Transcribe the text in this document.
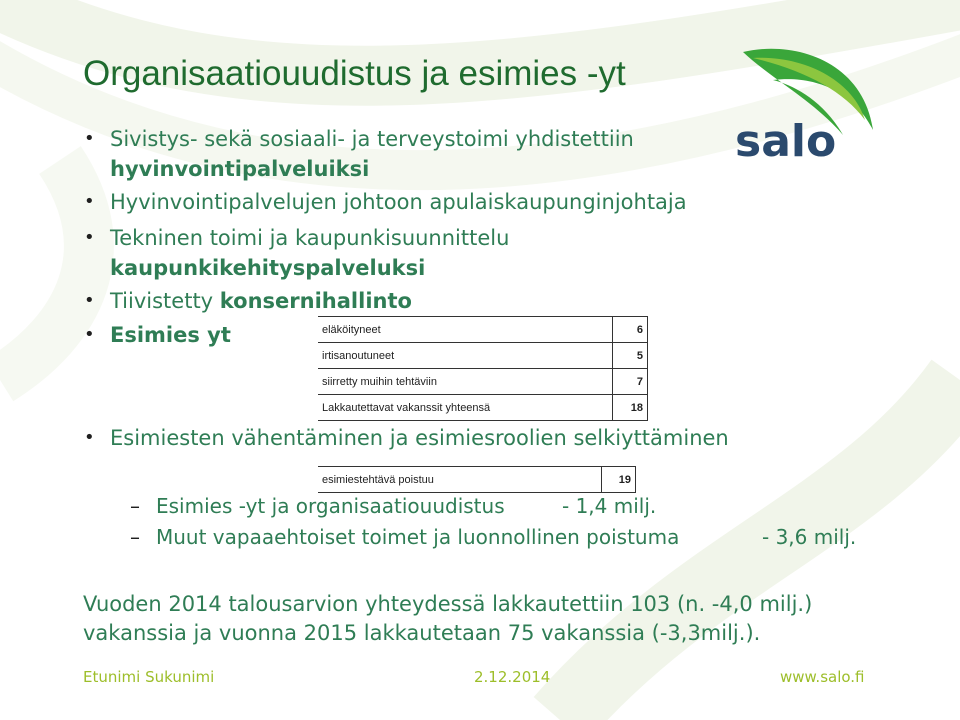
Organisaatiouudistus ja esimies -yt
salo
• Sivistys- sekä sosiaali- ja terveystoimi yhdistettiin
hyvinvointipalveluiksi
• Hyvinvointipalvelujen johtoon apulaiskaupunginjohtaja
• Tekninen toimi ja kaupunkisuunnittelu
kaupunkikehityspalveluksi
• Tiivistetty konsernihallinto
• Esimies yt	eläköityneet	6
irtisanoutuneet	5
siirretty muihin tehtäviin	7
Lakkautettavat vakanssit yhteensä	18
• Esimiesten vähentäminen ja esimiesroolien selkiyttäminen
esimiestehtävä poistuu	19
– Esimies -yt ja organisaatiouudistus	- 1,4 milj.
– Muut vapaaehtoiset toimet ja luonnollinen poistuma	- 3,6 milj.
Vuoden 2014 talousarvion yhteydessä lakkautettiin 103 (n. -4,0 milj.) vakanssia ja vuonna 2015 lakkautetaan 75 vakanssia (-3,3milj.).
Etunimi Sukunimi	2.12.2014	www.salo.fi
